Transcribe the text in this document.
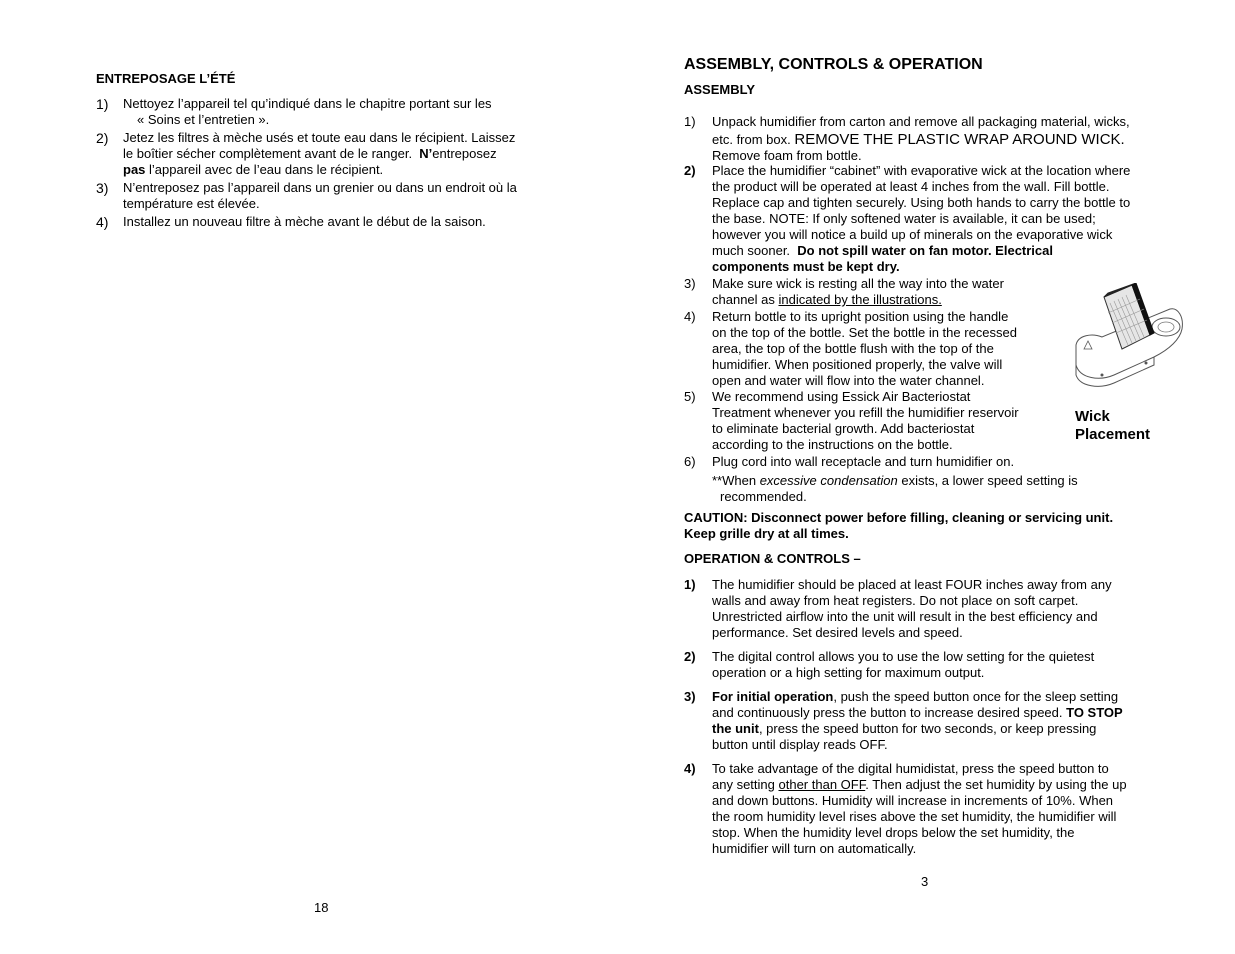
ENTREPOSAGE L’ÉTÉ
1) Nettoyez l’appareil tel qu’indiqué dans le chapitre portant sur les
« Soins et l’entretien ».
2) Jetez les filtres à mèche usés et toute eau dans le récipient. Laissez
le boîtier sécher complètement avant de le ranger.  N’entreposez
pas l’appareil avec de l’eau dans le récipient.
3) N’entreposez pas l’appareil dans un grenier ou dans un endroit où la
température est élevée.
4) Installez un nouveau filtre à mèche avant le début de la saison.
18
ASSEMBLY, CONTROLS & OPERATION
ASSEMBLY
1) Unpack humidifier from carton and remove all packaging material, wicks,
etc. from box. REMOVE THE PLASTIC WRAP AROUND WICK.
Remove foam from bottle.
2) Place the humidifier “cabinet” with evaporative wick at the location where
the product will be operated at least 4 inches from the wall. Fill bottle.
Replace cap and tighten securely. Using both hands to carry the bottle to
the base. NOTE: If only softened water is available, it can be used;
however you will notice a build up of minerals on the evaporative wick
much sooner.  Do not spill water on fan motor. Electrical
components must be kept dry.
3) Make sure wick is resting all the way into the water
channel as indicated by the illustrations.
4) Return bottle to its upright position using the handle
on the top of the bottle. Set the bottle in the recessed
area, the top of the bottle flush with the top of the
humidifier. When positioned properly, the valve will
open and water will flow into the water channel.
5) We recommend using Essick Air Bacteriostat
Treatment whenever you refill the humidifier reservoir
to eliminate bacterial growth. Add bacteriostat
according to the instructions on the bottle.
6) Plug cord into wall receptacle and turn humidifier on.
**When excessive condensation exists, a lower speed setting is
recommended.
Wick
Placement
CAUTION: Disconnect power before filling, cleaning or servicing unit.
Keep grille dry at all times.
OPERATION & CONTROLS –
1) The humidifier should be placed at least FOUR inches away from any
walls and away from heat registers. Do not place on soft carpet.
Unrestricted airflow into the unit will result in the best efficiency and
performance. Set desired levels and speed.
2) The digital control allows you to use the low setting for the quietest
operation or a high setting for maximum output.
3) For initial operation, push the speed button once for the sleep setting
and continuously press the button to increase desired speed. TO STOP
the unit, press the speed button for two seconds, or keep pressing
button until display reads OFF.
4) To take advantage of the digital humidistat, press the speed button to
any setting other than OFF. Then adjust the set humidity by using the up
and down buttons. Humidity will increase in increments of 10%. When
the room humidity level rises above the set humidity, the humidifier will
stop. When the humidity level drops below the set humidity, the
humidifier will turn on automatically.
3
